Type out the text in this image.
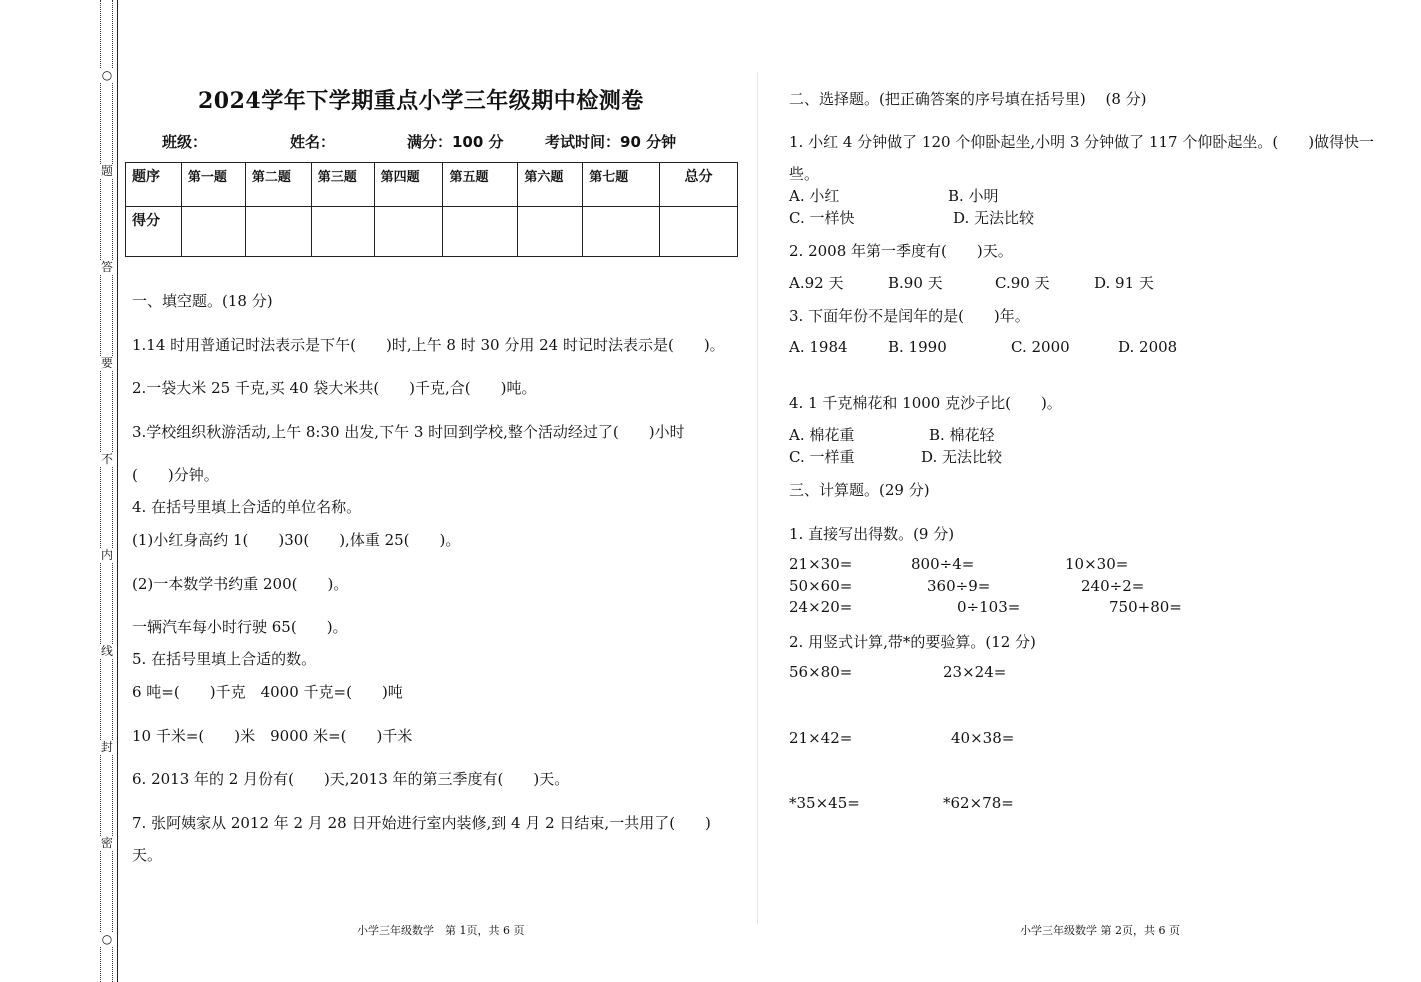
○
题
答
要
不
内
线
封
密
○
2024学年下学期重点小学三年级期中检测卷
班级：	姓名：	满分：100 分	考试时间：90 分钟
题序	第一题	第二题	第三题	第四题	第五题	第六题	第七题	总分
得分								
一、填空题。(18 分)
1.14 时用普通记时法表示是下午(　　)时,上午 8 时 30 分用 24 时记时法表示是(　　)。
2.一袋大米 25 千克,买 40 袋大米共(　　)千克,合(　　)吨。
3.学校组织秋游活动,上午 8:30 出发,下午 3 时回到学校,整个活动经过了(　　)小时
(　　)分钟。
4. 在括号里填上合适的单位名称。
(1)小红身高约 1(　　)30(　　),体重 25(　　)。
(2)一本数学书约重 200(　　)。
一辆汽车每小时行驶 65(　　)。
5. 在括号里填上合适的数。
6 吨=(　　)千克　4000 千克=(　　)吨
10 千米=(　　)米　9000 米=(　　)千米
6. 2013 年的 2 月份有(　　)天,2013 年的第三季度有(　　)天。
7. 张阿姨家从 2012 年 2 月 28 日开始进行室内装修,到 4 月 2 日结束,一共用了(　　)
天。
小学三年级数学　第 1页，共 6 页
二、选择题。(把正确答案的序号填在括号里)　 (8 分)
1. 小红 4 分钟做了 120 个仰卧起坐,小明 3 分钟做了 117 个仰卧起坐。(　　)做得快一
些。
A. 小红	B. 小明
C. 一样快	D. 无法比较
2. 2008 年第一季度有(　　)天。
A.92 天	B.90 天	C.90 天	D. 91 天
3. 下面年份不是闰年的是(　　)年。
A. 1984	B. 1990	C. 2000	D. 2008
4. 1 千克棉花和 1000 克沙子比(　　)。
A. 棉花重	B. 棉花轻
C. 一样重	D. 无法比较
三、计算题。(29 分)
1. 直接写出得数。(9 分)
21×30=	800÷4=	10×30=
50×60=	360÷9=	240÷2=
24×20=	0÷103=	750+80=
2. 用竖式计算,带*的要验算。(12 分)
56×80=	23×24=
21×42=	40×38=
*35×45=	*62×78=
小学三年级数学 第 2页，共 6 页
